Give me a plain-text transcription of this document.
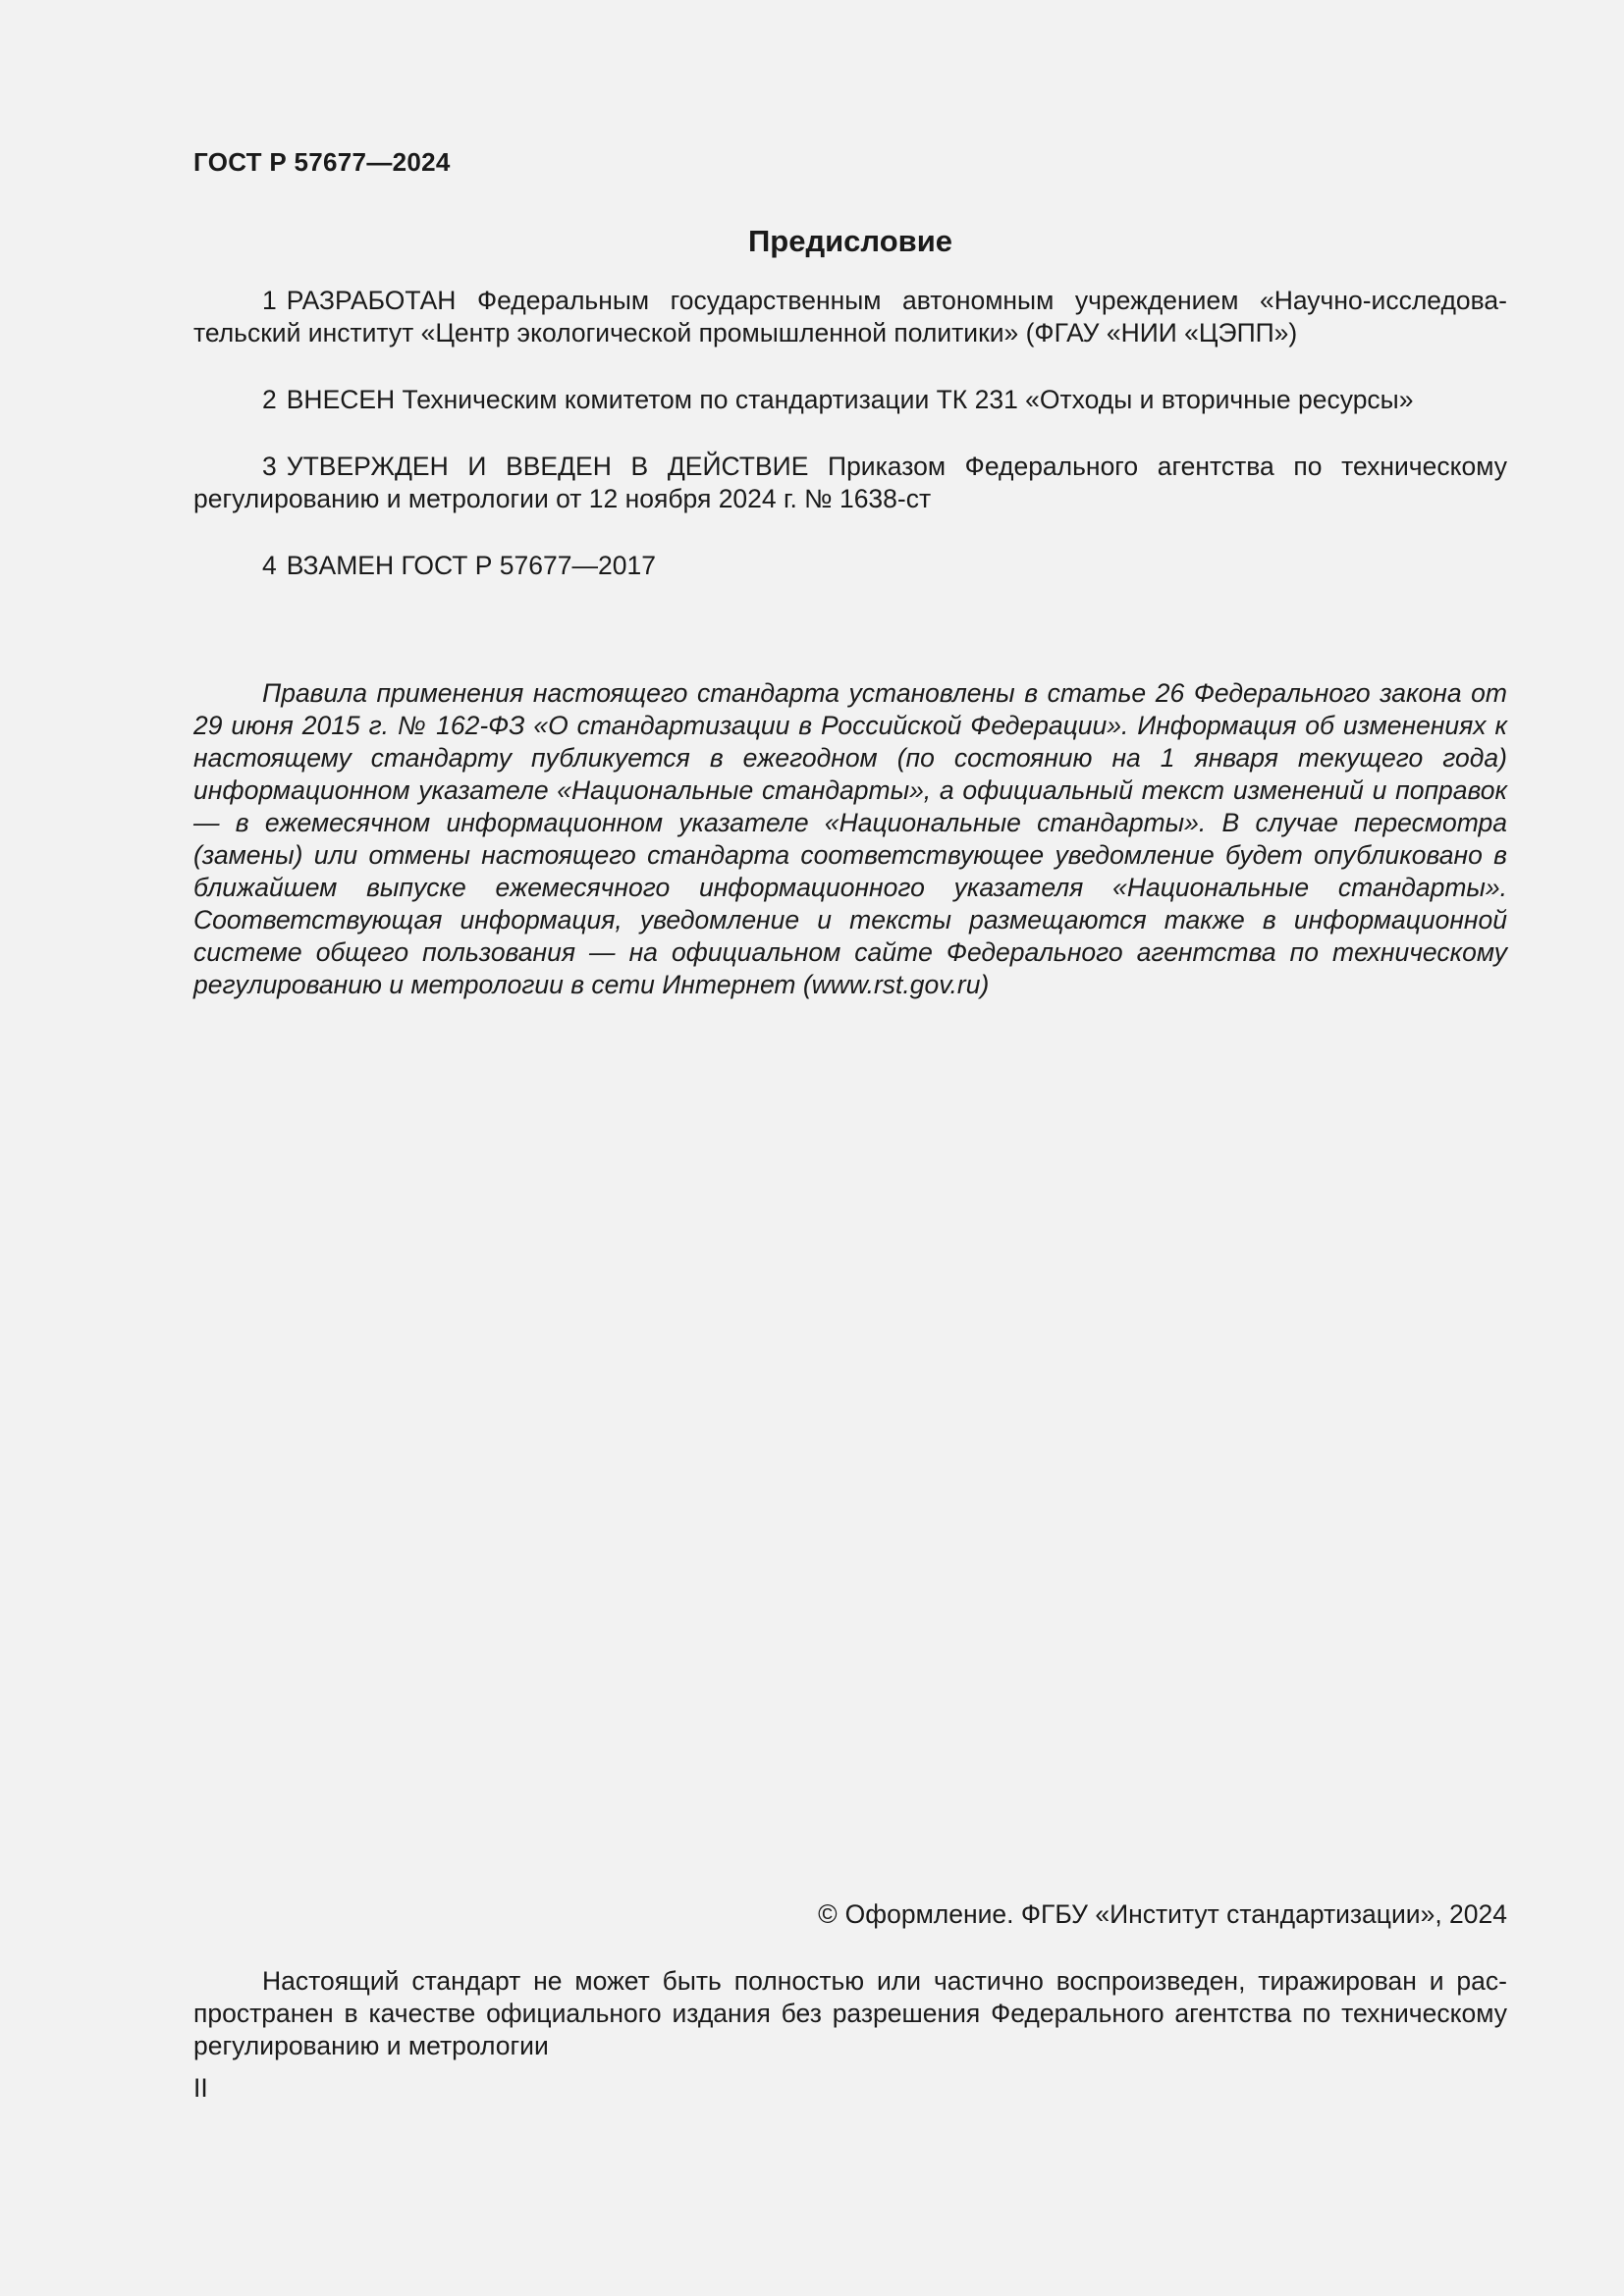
ГОСТ Р 57677—2024
Предисловие

1 РАЗРАБОТАН Федеральным государственным автономным учреждением «Научно-исследовательский институт «Центр экологической промышленной политики» (ФГАУ «НИИ «ЦЭПП»)

2 ВНЕСЕН Техническим комитетом по стандартизации ТК 231 «Отходы и вторичные ресурсы»

3 УТВЕРЖДЕН И ВВЕДЕН В ДЕЙСТВИЕ Приказом Федерального агентства по техническому регулированию и метрологии от 12 ноября 2024 г. № 1638-ст

4 ВЗАМЕН ГОСТ Р 57677—2017

Правила применения настоящего стандарта установлены в статье 26 Федерального закона от 29 июня 2015 г. № 162-ФЗ «О стандартизации в Российской Федерации». Информация об изменениях к настоящему стандарту публикуется в ежегодном (по состоянию на 1 января текущего года) информационном указателе «Национальные стандарты», а официальный текст изменений и поправок — в ежемесячном информационном указателе «Национальные стандарты». В случае пересмотра (замены) или отмены настоящего стандарта соответствующее уведомление будет опубликовано в ближайшем выпуске ежемесячного информационного указателя «Национальные стандарты». Соответствующая информация, уведомление и тексты размещаются также в информационной системе общего пользования — на официальном сайте Федерального агентства по техническому регулированию и метрологии в сети Интернет (www.rst.gov.ru)

© Оформление. ФГБУ «Институт стандартизации», 2024

Настоящий стандарт не может быть полностью или частично воспроизведен, тиражирован и распространен в качестве официального издания без разрешения Федерального агентства по техническому регулированию и метрологии

II
